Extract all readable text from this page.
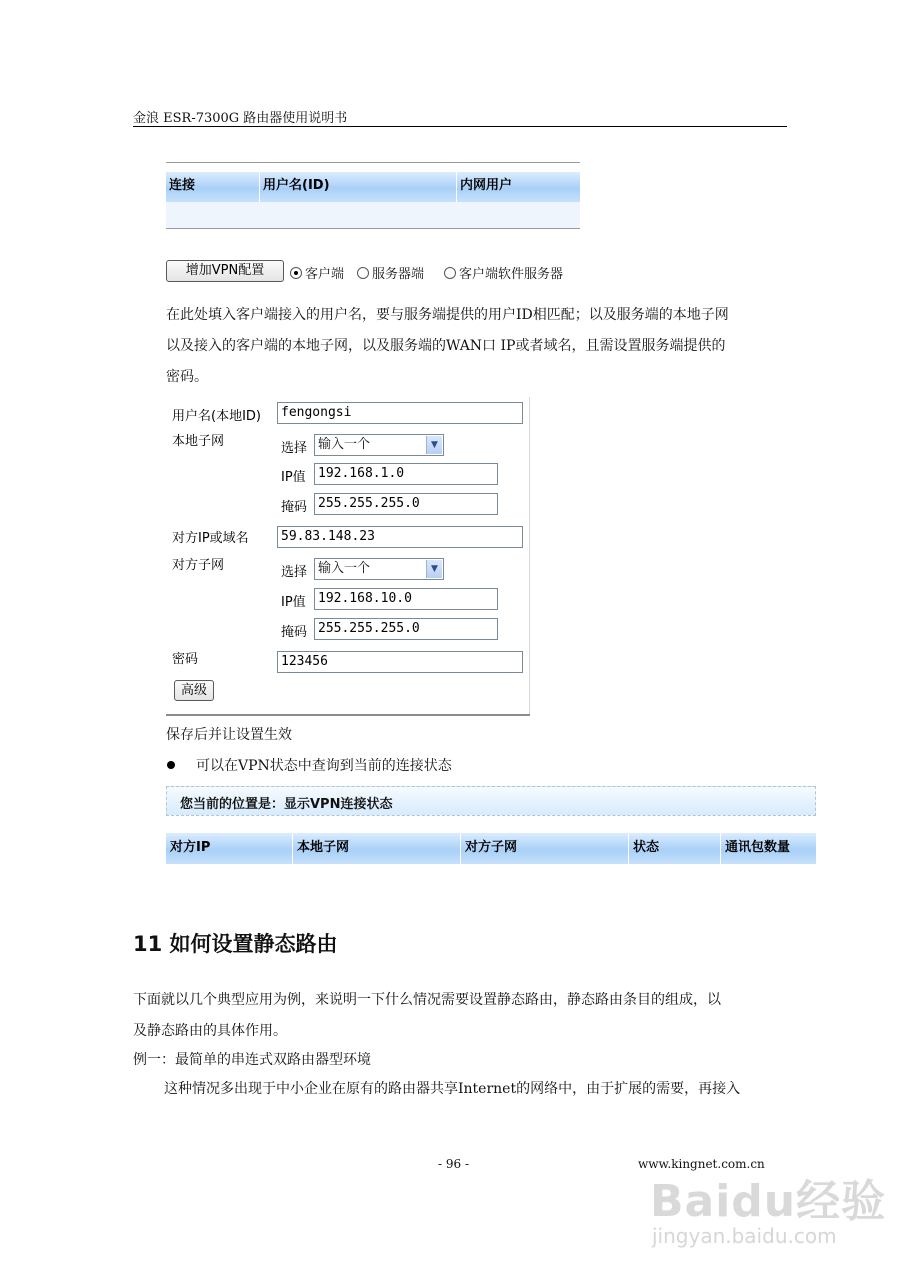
金浪 ESR-7300G 路由器使用说明书
连接	用户名(ID)	内网用户
增加VPN配置	客户端 服务器端	客户端软件服务器
在此处填入客户端接入的用户名，要与服务端提供的用户ID相匹配；以及服务端的本地子网
以及接入的客户端的本地子网，以及服务端的WAN口 IP或者域名，且需设置服务端提供的
密码。
用户名(本地ID)	fengongsi
本地子网	选择 输入一个	▼
IP值 192.168.1.0
掩码 255.255.255.0
对方IP或域名	59.83.148.23
对方子网	选择 输入一个	▼
IP值 192.168.10.0
掩码 255.255.255.0
密码	123456
高级
保存后并让设置生效
可以在VPN状态中查询到当前的连接状态
您当前的位置是：显示VPN连接状态
对方IP	本地子网	对方子网	状态	通讯包数量
11 如何设置静态路由
下面就以几个典型应用为例，来说明一下什么情况需要设置静态路由，静态路由条目的组成，以
及静态路由的具体作用。
例一：最简单的串连式双路由器型环境
这种情况多出现于中小企业在原有的路由器共享Internet的网络中，由于扩展的需要，再接入
- 96 -	www.kingnet.com.cn
Baidu经验
jingyan.baidu.com
